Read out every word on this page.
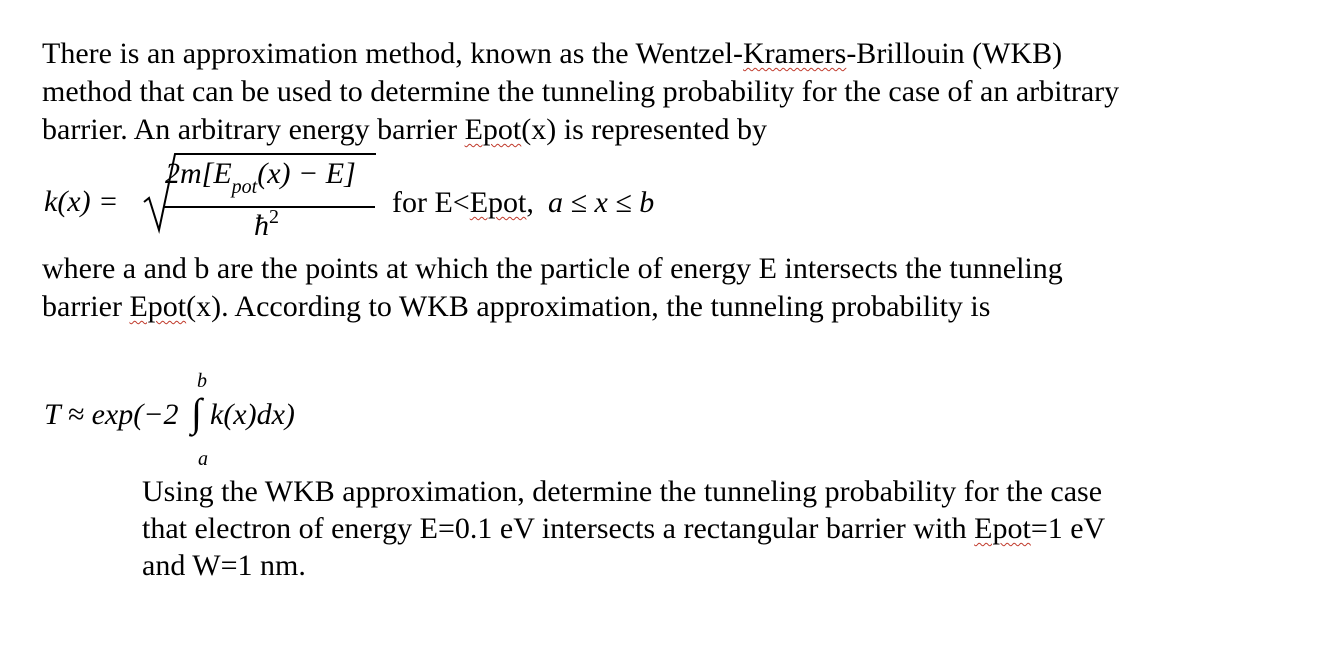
There is an approximation method, known as the Wentzel-Kramers-Brillouin (WKB)
method that can be used to determine the tunneling probability for the case of an arbitrary
barrier. An arbitrary energy barrier Epot(x) is represented by
k(x) =
$2m[E_{pot}(x) - E]$
$ħ^2$	for E<Epot, a ≤ x ≤ b
where a and b are the points at which the particle of energy E intersects the tunneling
barrier Epot(x). According to WKB approximation, the tunneling probability is
b
T ≈ exp(−2 ∫ k(x)dx)
a
Using the WKB approximation, determine the tunneling probability for the case
that electron of energy E=0.1 eV intersects a rectangular barrier with Epot=1 eV
and W=1 nm.
